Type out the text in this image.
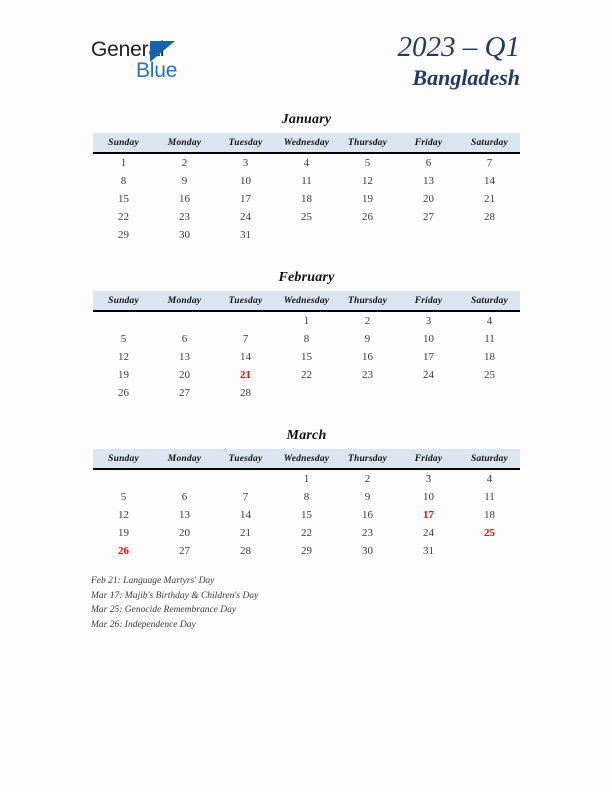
General
Blue
2023 – Q1
Bangladesh
January
Sunday	Monday	Tuesday	Wednesday	Thursday	Friday	Saturday
1	2	3	4	5	6	7
8	9	10	11	12	13	14
15	16	17	18	19	20	21
22	23	24	25	26	27	28
29	30	31				
February
Sunday	Monday	Tuesday	Wednesday	Thursday	Friday	Saturday
			1	2	3	4
5	6	7	8	9	10	11
12	13	14	15	16	17	18
19	20	21	22	23	24	25
26	27	28				
March
Sunday	Monday	Tuesday	Wednesday	Thursday	Friday	Saturday
			1	2	3	4
5	6	7	8	9	10	11
12	13	14	15	16	17	18
19	20	21	22	23	24	25
26	27	28	29	30	31	
Feb 21: Language Martyrs' Day
Mar 17: Mujib's Birthday & Children's Day
Mar 25: Genocide Remembrance Day
Mar 26: Independence Day
